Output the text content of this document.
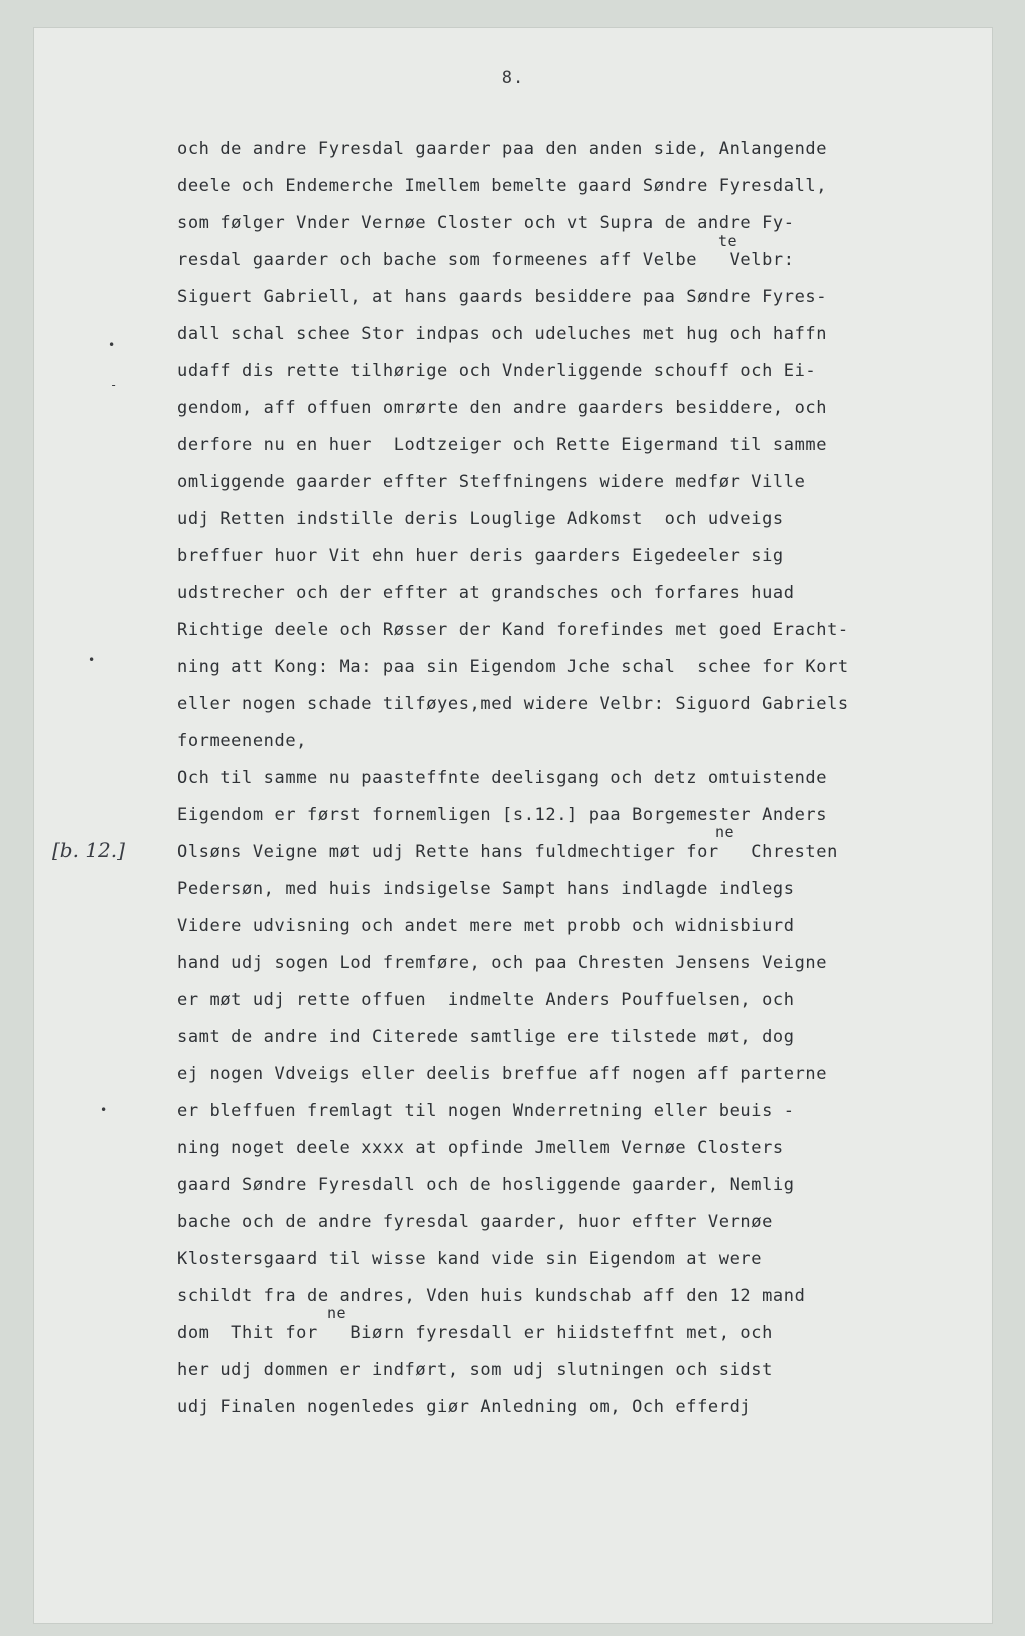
8.
•
-
•
•
[b. 12.]
och de andre Fyresdal gaarder paa den anden side, Anlangende
deele och Endemerche Imellem bemelte gaard Søndre Fyresdall,
som følger Vnder Vernøe Closter och vt Supra de andre Fy-
te
resdal gaarder och bache som formeenes aff Velbe   Velbr:
Siguert Gabriell, at hans gaards besiddere paa Søndre Fyres-
dall schal schee Stor indpas och udeluches met hug och haffn
udaff dis rette tilhørige och Vnderliggende schouff och Ei-
gendom, aff offuen omrørte den andre gaarders besiddere, och
derfore nu en huer  Lodtzeiger och Rette Eigermand til samme
omliggende gaarder effter Steffningens widere medfør Ville
udj Retten indstille deris Louglige Adkomst  och udveigs
breffuer huor Vit ehn huer deris gaarders Eigedeeler sig
udstrecher och der effter at grandsches och forfares huad
Richtige deele och Røsser der Kand forefindes met goed Eracht-
ning att Kong: Ma: paa sin Eigendom Jche schal  schee for Kort
eller nogen schade tilføyes,med widere Velbr: Siguord Gabriels
formeenende,
Och til samme nu paasteffnte deelisgang och detz omtuistende
Eigendom er først fornemligen [s.12.] paa Borgemester Anders
ne
Olsøns Veigne møt udj Rette hans fuldmechtiger for   Chresten
Pedersøn, med huis indsigelse Sampt hans indlagde indlegs
Videre udvisning och andet mere met probb och widnisbiurd
hand udj sogen Lod fremføre, och paa Chresten Jensens Veigne
er møt udj rette offuen  indmelte Anders Pouffuelsen, och
samt de andre ind Citerede samtlige ere tilstede møt, dog
ej nogen Vdveigs eller deelis breffue aff nogen aff parterne
er bleffuen fremlagt til nogen Wnderretning eller beuis -
ning noget deele xxxx at opfinde Jmellem Vernøe Closters
gaard Søndre Fyresdall och de hosliggende gaarder, Nemlig
bache och de andre fyresdal gaarder, huor effter Vernøe
Klostersgaard til wisse kand vide sin Eigendom at were
schildt fra de andres, Vden huis kundschab aff den 12 mand
ne
dom  Thit for   Biørn fyresdall er hiidsteffnt met, och
her udj dommen er indført, som udj slutningen och sidst
udj Finalen nogenledes giør Anledning om, Och efferdj
